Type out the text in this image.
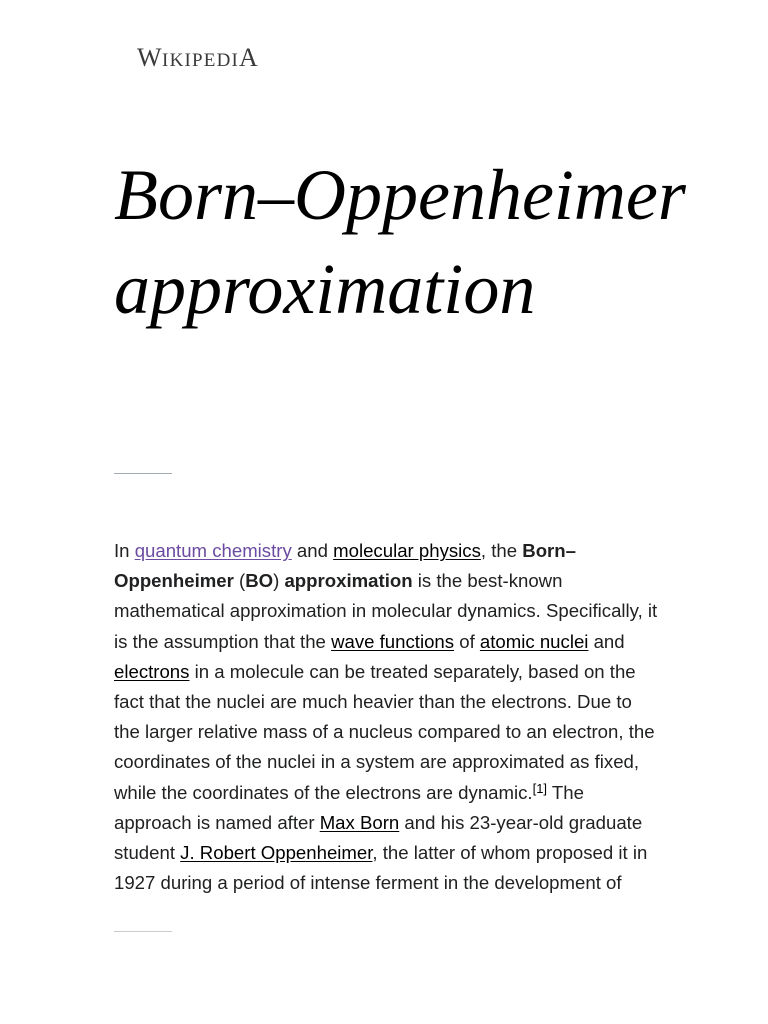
WIKIPEDIA
Born–Oppenheimer approximation

In quantum chemistry and molecular physics, the Born–Oppenheimer (BO) approximation is the best-known mathematical approximation in molecular dynamics. Specifically, it is the assumption that the wave functions of atomic nuclei and electrons in a molecule can be treated separately, based on the fact that the nuclei are much heavier than the electrons. Due to the larger relative mass of a nucleus compared to an electron, the coordinates of the nuclei in a system are approximated as fixed, while the coordinates of the electrons are dynamic.[1] The approach is named after Max Born and his 23-year-old graduate student J. Robert Oppenheimer, the latter of whom proposed it in 1927 during a period of intense ferment in the development of
